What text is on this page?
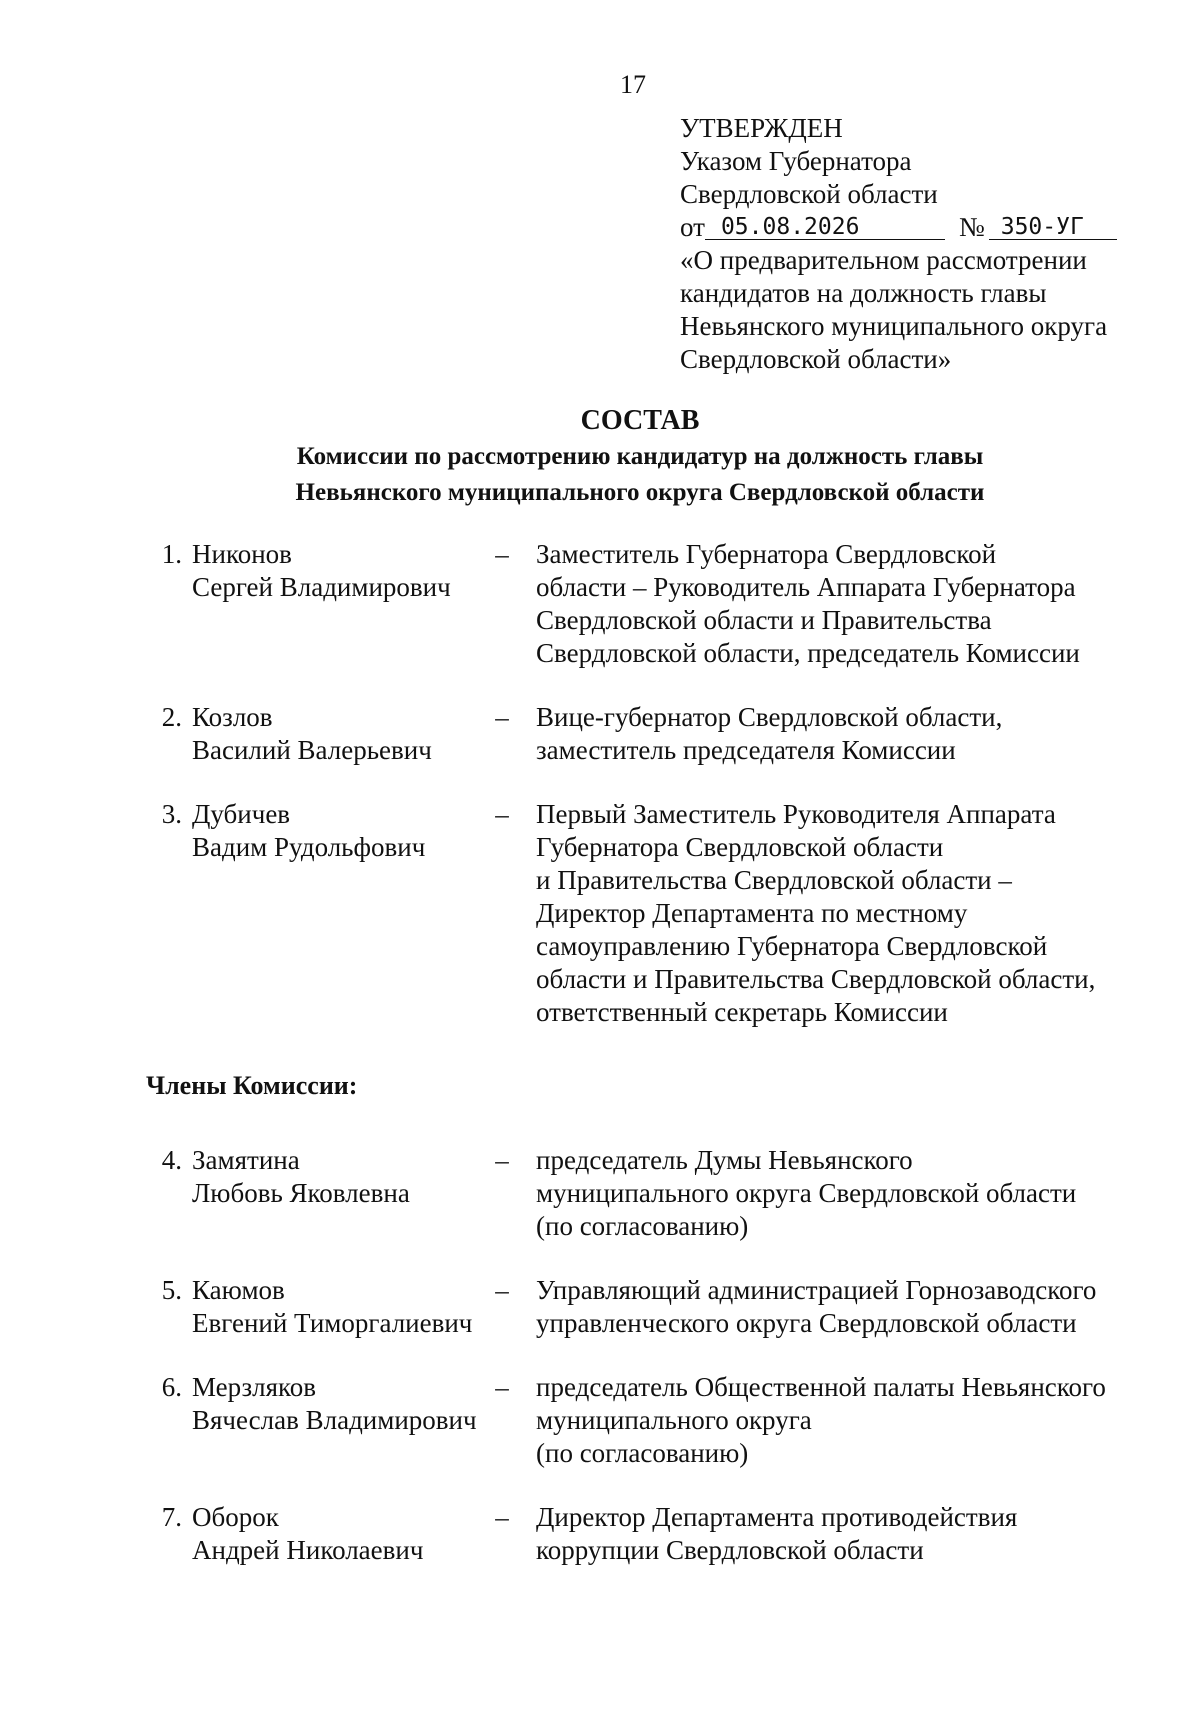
17
УТВЕРЖДЕН
Указом Губернатора
Свердловской области
от 05.08.2026	№ 350-УГ
«О предварительном рассмотрении
кандидатов на должность главы
Невьянского муниципального округа
Свердловской области»
СОСТАВ
Комиссии по рассмотрению кандидатур на должность главы
Невьянского муниципального округа Свердловской области
1. Никонов
Сергей Владимирович
–	Заместитель Губернатора Свердловской
области – Руководитель Аппарата Губернатора
Свердловской области и Правительства
Свердловской области, председатель Комиссии
2. Козлов
Василий Валерьевич
–	Вице-губернатор Свердловской области,
заместитель председателя Комиссии
3. Дубичев
Вадим Рудольфович
–	Первый Заместитель Руководителя Аппарата
Губернатора Свердловской области
и Правительства Свердловской области –
Директор Департамента по местному
самоуправлению Губернатора Свердловской
области и Правительства Свердловской области,
ответственный секретарь Комиссии
Члены Комиссии:
4. Замятина
Любовь Яковлевна
–	председатель Думы Невьянского
муниципального округа Свердловской области
(по согласованию)
5. Каюмов
Евгений Тиморгалиевич
–	Управляющий администрацией Горнозаводского
управленческого округа Свердловской области
6. Мерзляков
Вячеслав Владимирович
–	председатель Общественной палаты Невьянского
муниципального округа
(по согласованию)
7. Оборок
Андрей Николаевич
–	Директор Департамента противодействия
коррупции Свердловской области
